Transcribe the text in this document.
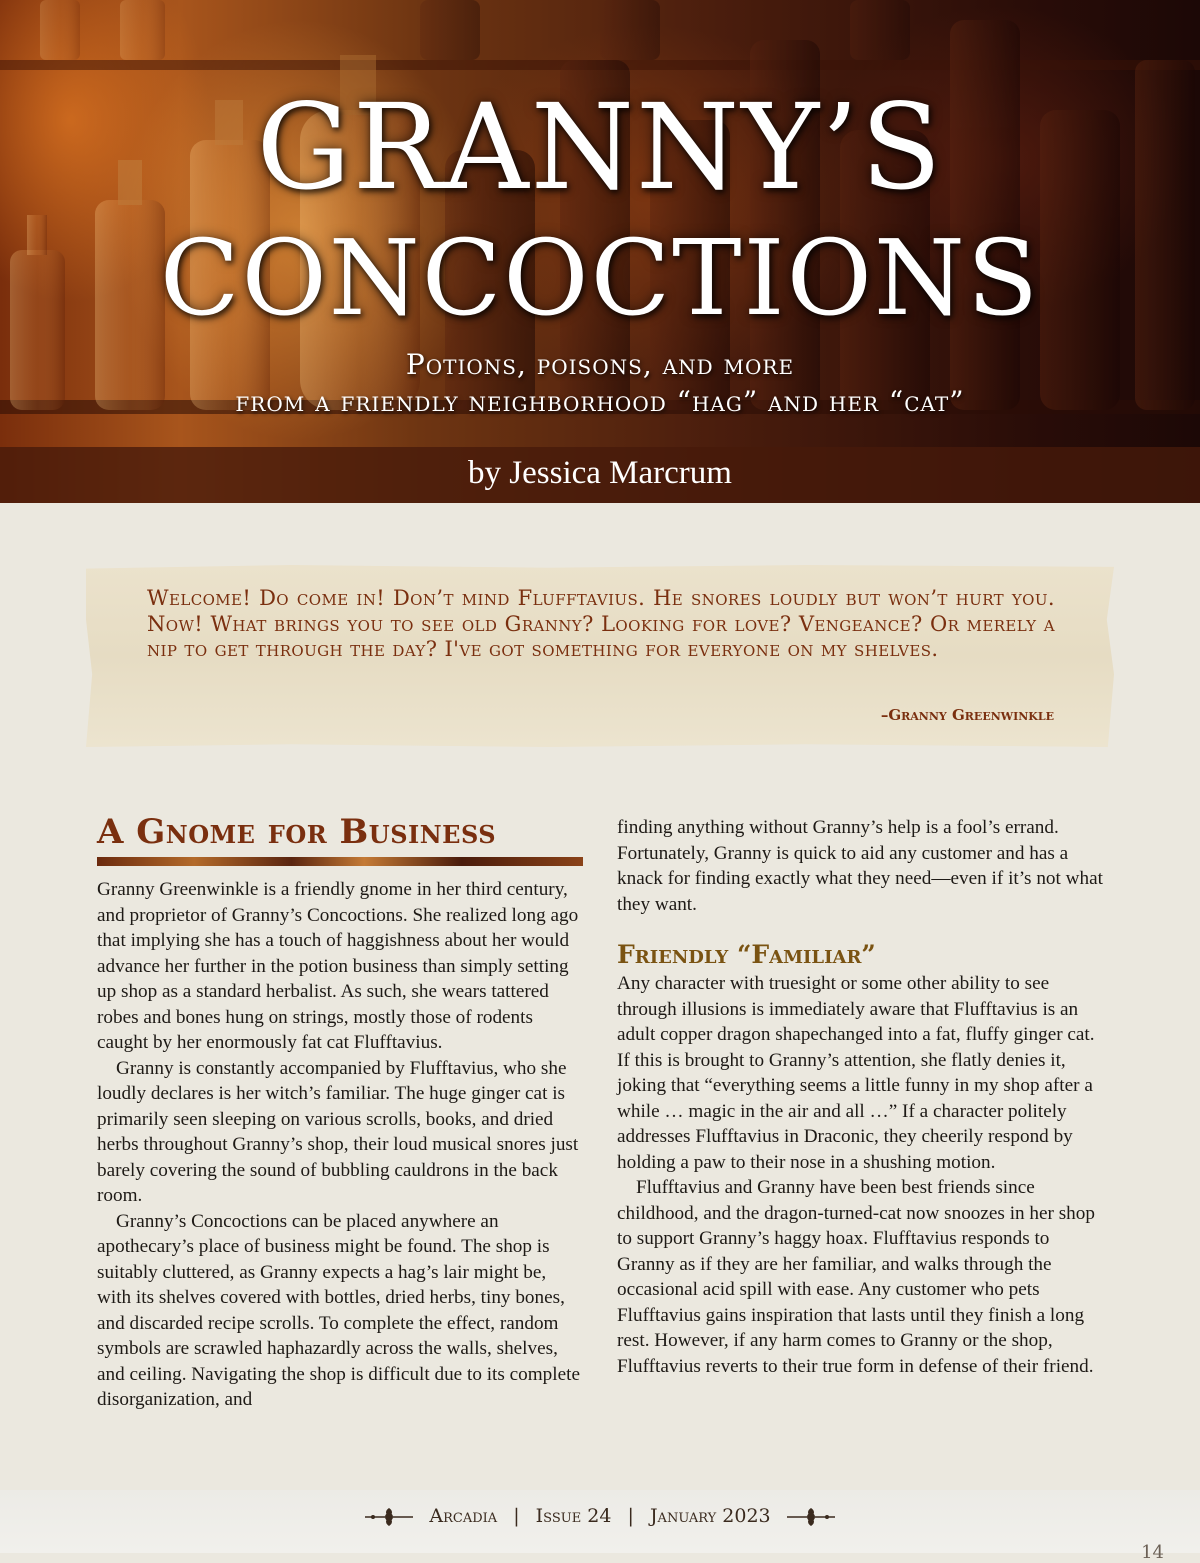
GRANNY’S
CONCOCTIONS
Potions, poisons, and more
from a friendly neighborhood “hag” and her “cat”
by Jessica Marcrum

Welcome! Do come in! Don’t mind Flufftavius. He snores loudly but won’t hurt you. Now! What brings you to see old Granny? Looking for love? Vengeance? Or merely a nip to get through the day? I've got something for everyone on my shelves.

–Granny Greenwinkle

A Gnome for Business

Granny Greenwinkle is a friendly gnome in her third century, and proprietor of Granny’s Concoctions. She realized long ago that implying she has a touch of haggishness about her would advance her further in the potion business than simply setting up shop as a standard herbalist. As such, she wears tattered robes and bones hung on strings, mostly those of rodents caught by her enormously fat cat Flufftavius.

Granny is constantly accompanied by Flufftavius, who she loudly declares is her witch’s familiar. The huge ginger cat is primarily seen sleeping on various scrolls, books, and dried herbs throughout Granny’s shop, their loud musical snores just barely covering the sound of bubbling cauldrons in the back room.

Granny’s Concoctions can be placed anywhere an apothecary’s place of business might be found. The shop is suitably cluttered, as Granny expects a hag’s lair might be, with its shelves covered with bottles, dried herbs, tiny bones, and discarded recipe scrolls. To complete the effect, random symbols are scrawled haphazardly across the walls, shelves, and ceiling. Navigating the shop is difficult due to its complete disorganization, and

finding anything without Granny’s help is a fool’s errand. Fortunately, Granny is quick to aid any customer and has a knack for finding exactly what they need—even if it’s not what they want.

Friendly “Familiar”

Any character with truesight or some other ability to see through illusions is immediately aware that Flufftavius is an adult copper dragon shapechanged into a fat, fluffy ginger cat. If this is brought to Granny’s attention, she flatly denies it, joking that “everything seems a little funny in my shop after a while … magic in the air and all …” If a character politely addresses Flufftavius in Draconic, they cheerily respond by holding a paw to their nose in a shushing motion.

Flufftavius and Granny have been best friends since childhood, and the dragon-turned-cat now snoozes in her shop to support Granny’s haggy hoax. Flufftavius responds to Granny as if they are her familiar, and walks through the occasional acid spill with ease. Any customer who pets Flufftavius gains inspiration that lasts until they finish a long rest. However, if any harm comes to Granny or the shop, Flufftavius reverts to their true form in defense of their friend.

Arcadia | Issue 24 | January 2023

14
